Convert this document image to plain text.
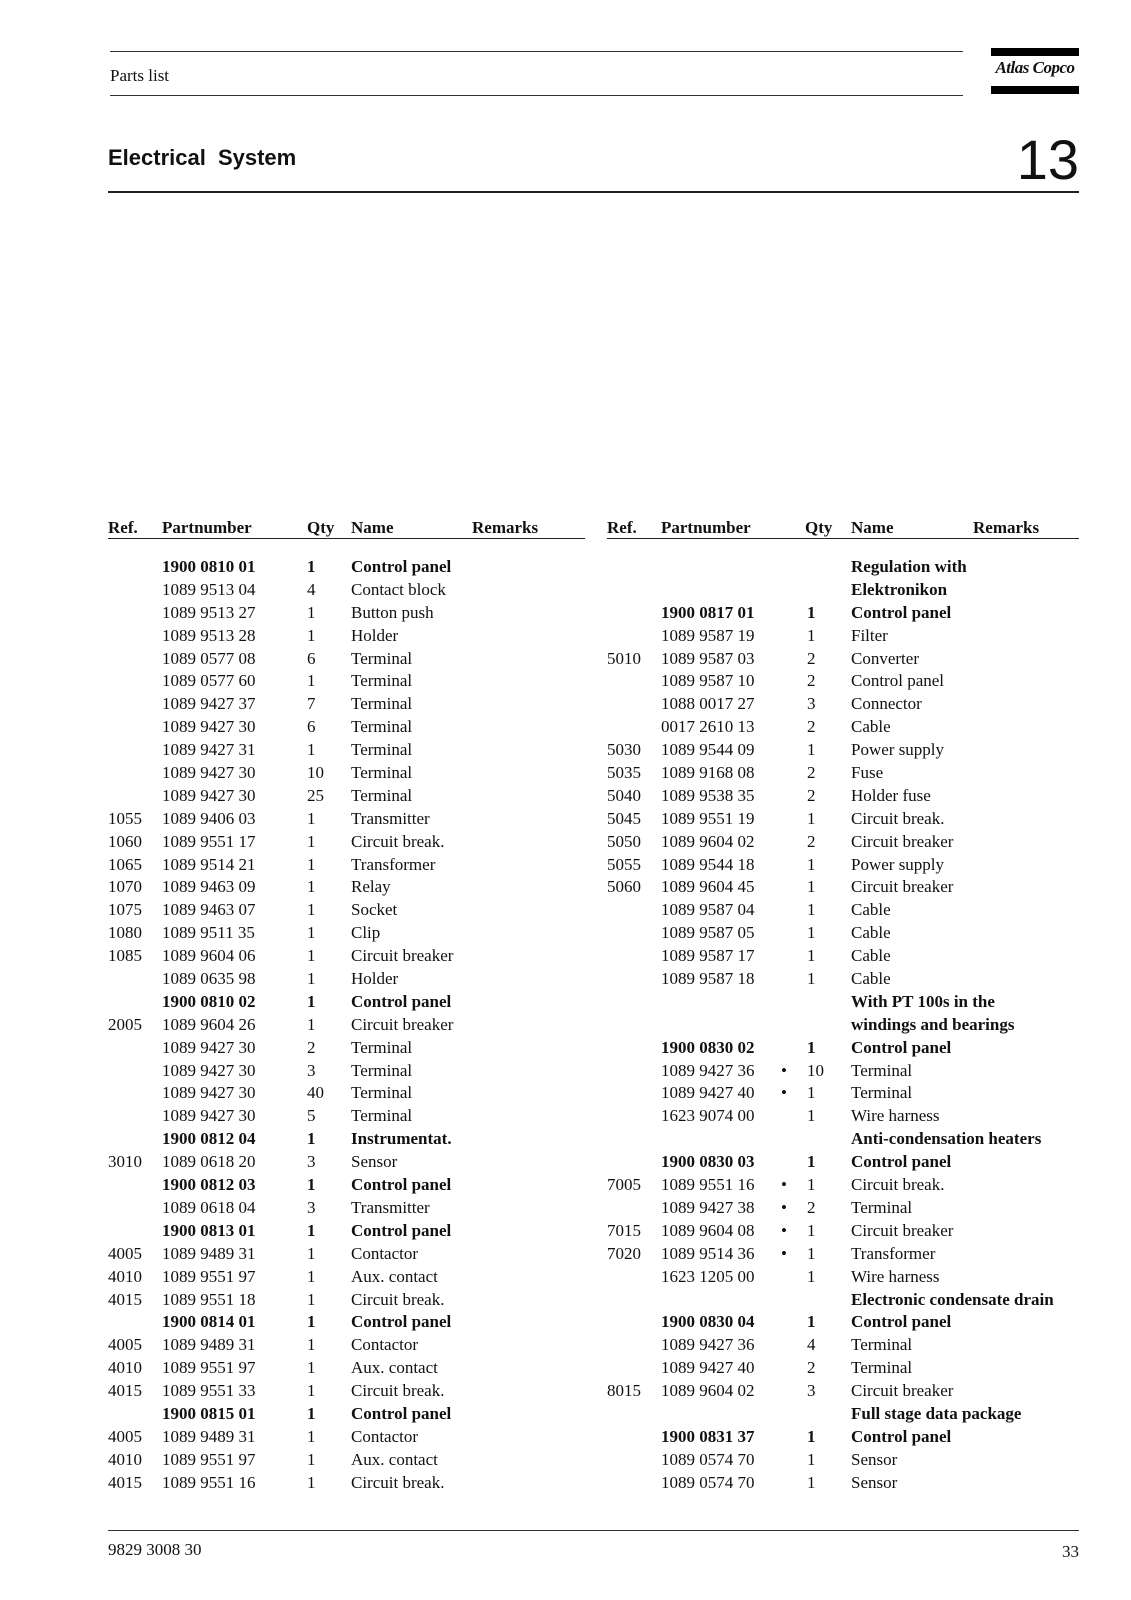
Parts list	Atlas Copco
Electrical System	13
Ref. Partnumber	Qty Name	Remarks
1900 0810 01	1 Control panel
1089 9513 04	4 Contact block
1089 9513 27	1 Button push
1089 9513 28	1 Holder
1089 0577 08	6 Terminal
1089 0577 60	1 Terminal
1089 9427 37	7 Terminal
1089 9427 30	6 Terminal
1089 9427 31	1 Terminal
1089 9427 30	10 Terminal
1089 9427 30	25 Terminal
1055 1089 9406 03	1 Transmitter
1060 1089 9551 17	1 Circuit break.
1065 1089 9514 21	1 Transformer
1070 1089 9463 09	1 Relay
1075 1089 9463 07	1 Socket
1080 1089 9511 35	1 Clip
1085 1089 9604 06	1 Circuit breaker
1089 0635 98	1 Holder
1900 0810 02	1 Control panel
2005 1089 9604 26	1 Circuit breaker
1089 9427 30	2 Terminal
1089 9427 30	3 Terminal
1089 9427 30	40 Terminal
1089 9427 30	5 Terminal
1900 0812 04	1 Instrumentat.
3010 1089 0618 20	3 Sensor
1900 0812 03	1 Control panel
1089 0618 04	3 Transmitter
1900 0813 01	1 Control panel
4005 1089 9489 31	1 Contactor
4010 1089 9551 97	1 Aux. contact
4015 1089 9551 18	1 Circuit break.
1900 0814 01	1 Control panel
4005 1089 9489 31	1 Contactor
4010 1089 9551 97	1 Aux. contact
4015 1089 9551 33	1 Circuit break.
1900 0815 01	1 Control panel
4005 1089 9489 31	1 Contactor
4010 1089 9551 97	1 Aux. contact
4015 1089 9551 16	1 Circuit break.
Ref. Partnumber	Qty Name	Remarks
Regulation with
Elektronikon
1900 0817 01	1 Control panel
1089 9587 19	1 Filter
5010 1089 9587 03	2 Converter
1089 9587 10	2 Control panel
1088 0017 27	3 Connector
0017 2610 13	2 Cable
5030 1089 9544 09	1 Power supply
5035 1089 9168 08	2 Fuse
5040 1089 9538 35	2 Holder fuse
5045 1089 9551 19	1 Circuit break.
5050 1089 9604 02	2 Circuit breaker
5055 1089 9544 18	1 Power supply
5060 1089 9604 45	1 Circuit breaker
1089 9587 04	1 Cable
1089 9587 05	1 Cable
1089 9587 17	1 Cable
1089 9587 18	1 Cable
With PT 100s in the
windings and bearings
1900 0830 02	1 Control panel
1089 9427 36 • 10 Terminal
1089 9427 40 • 1 Terminal
1623 9074 00	1 Wire harness
Anti-condensation heaters
1900 0830 03	1 Control panel
7005 1089 9551 16 • 1 Circuit break.
1089 9427 38 • 2 Terminal
7015 1089 9604 08 • 1 Circuit breaker
7020 1089 9514 36 • 1 Transformer
1623 1205 00	1 Wire harness
Electronic condensate drain
1900 0830 04	1 Control panel
1089 9427 36	4 Terminal
1089 9427 40	2 Terminal
8015 1089 9604 02	3 Circuit breaker
Full stage data package
1900 0831 37	1 Control panel
1089 0574 70	1 Sensor
1089 0574 70	1 Sensor
9829 3008 30	33
